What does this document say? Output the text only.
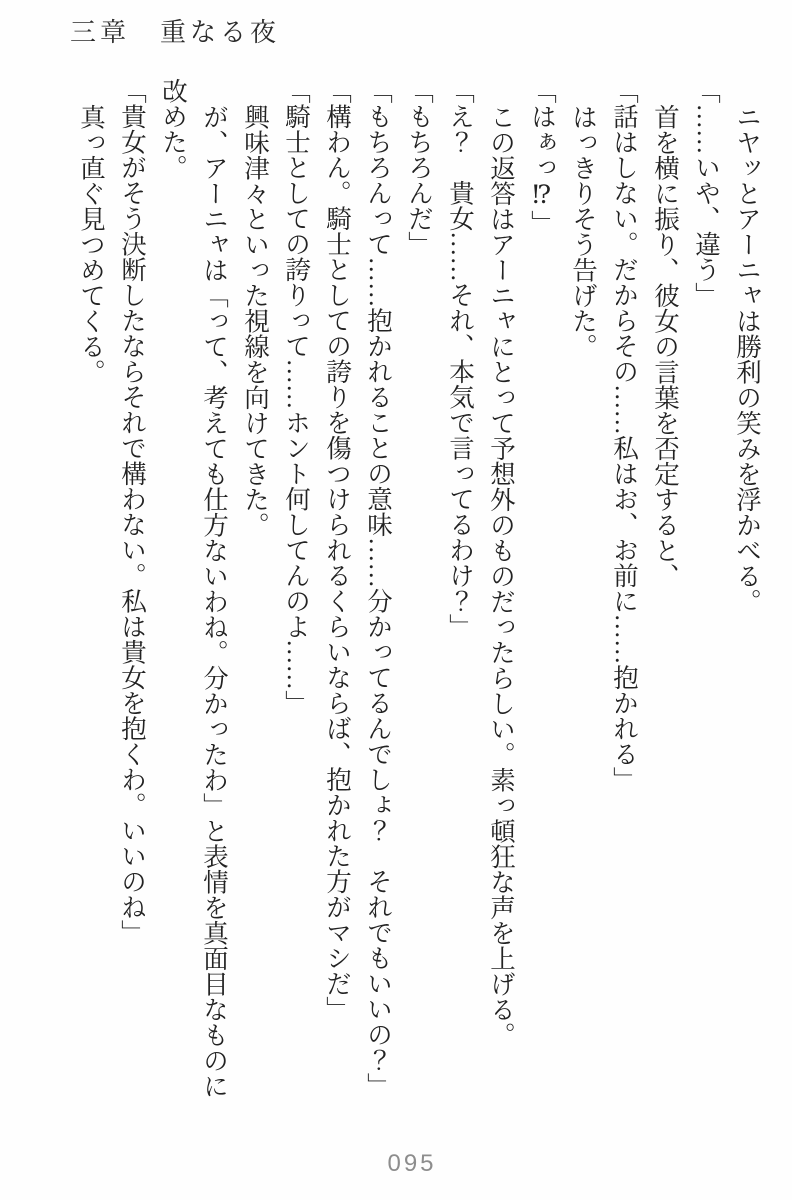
三章　重なる夜

ニヤッとアーニャは勝利の笑みを浮かべる。

「……いや、違う」

首を横に振り、彼女の言葉を否定すると、

「話はしない。だからその……私はお、お前に……抱かれる」

はっきりそう告げた。

「はぁっ⁉」

この返答はアーニャにとって予想外のものだったらしい。素っ頓狂な声を上げる。

「え？　貴女……それ、本気で言ってるわけ？」

「もちろんだ」

「もちろんって……抱かれることの意味……分かってるんでしょ？　それでもいいの？」

「構わん。騎士としての誇りを傷つけられるくらいならば、抱かれた方がマシだ」

「騎士としての誇りって……ホント何してんのよ……」

興味津々といった視線を向けてきた。

が、アーニャは「って、考えても仕方ないわね。分かったわ」と表情を真面目なものに改めた。

「貴女がそう決断したならそれで構わない。私は貴女を抱くわ。いいのね」

真っ直ぐ見つめてくる。

095
